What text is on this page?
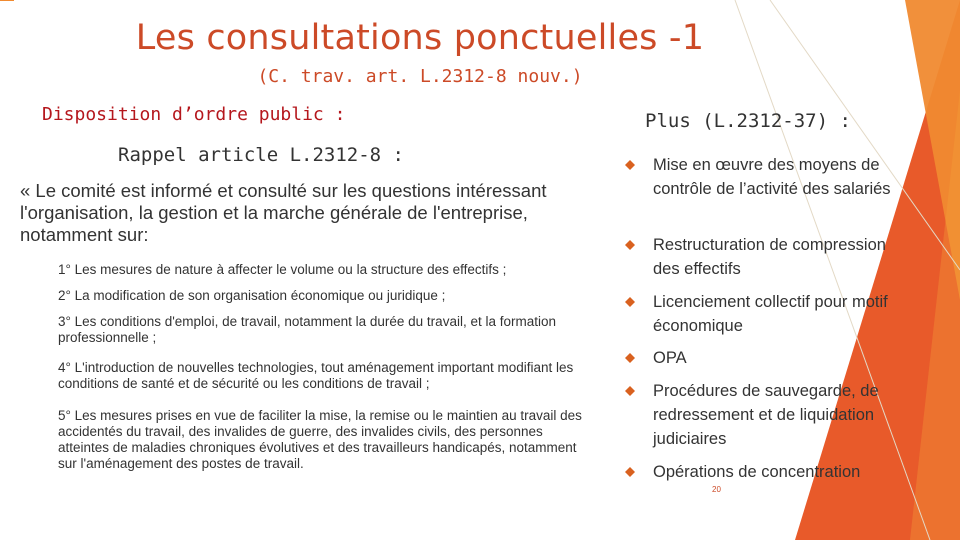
Les consultations ponctuelles -1
(C. trav. art. L.2312-8 nouv.)
Disposition d’ordre public :
Rappel article L.2312-8 :
« Le comité est informé et consulté sur les questions intéressant l'organisation, la gestion et la marche générale de l'entreprise, notamment sur:
1° Les mesures de nature à affecter le volume ou la structure des effectifs ;
2° La modification de son organisation économique ou juridique ;
3° Les conditions d'emploi, de travail, notamment la durée du travail, et la formation professionnelle ;
4° L'introduction de nouvelles technologies, tout aménagement important modifiant les conditions de santé et de sécurité ou les conditions de travail ;
5° Les mesures prises en vue de faciliter la mise, la remise ou le maintien au travail des accidentés du travail, des invalides de guerre, des invalides civils, des personnes atteintes de maladies chroniques évolutives et des travailleurs handicapés, notamment sur l'aménagement des postes de travail.
Plus (L.2312-37) :
Mise en œuvre des moyens de contrôle de l’activité des salariés
Restructuration de compression des effectifs
Licenciement collectif pour motif économique
OPA
Procédures de sauvegarde, de redressement et de liquidation judiciaires
Opérations de concentration
20
